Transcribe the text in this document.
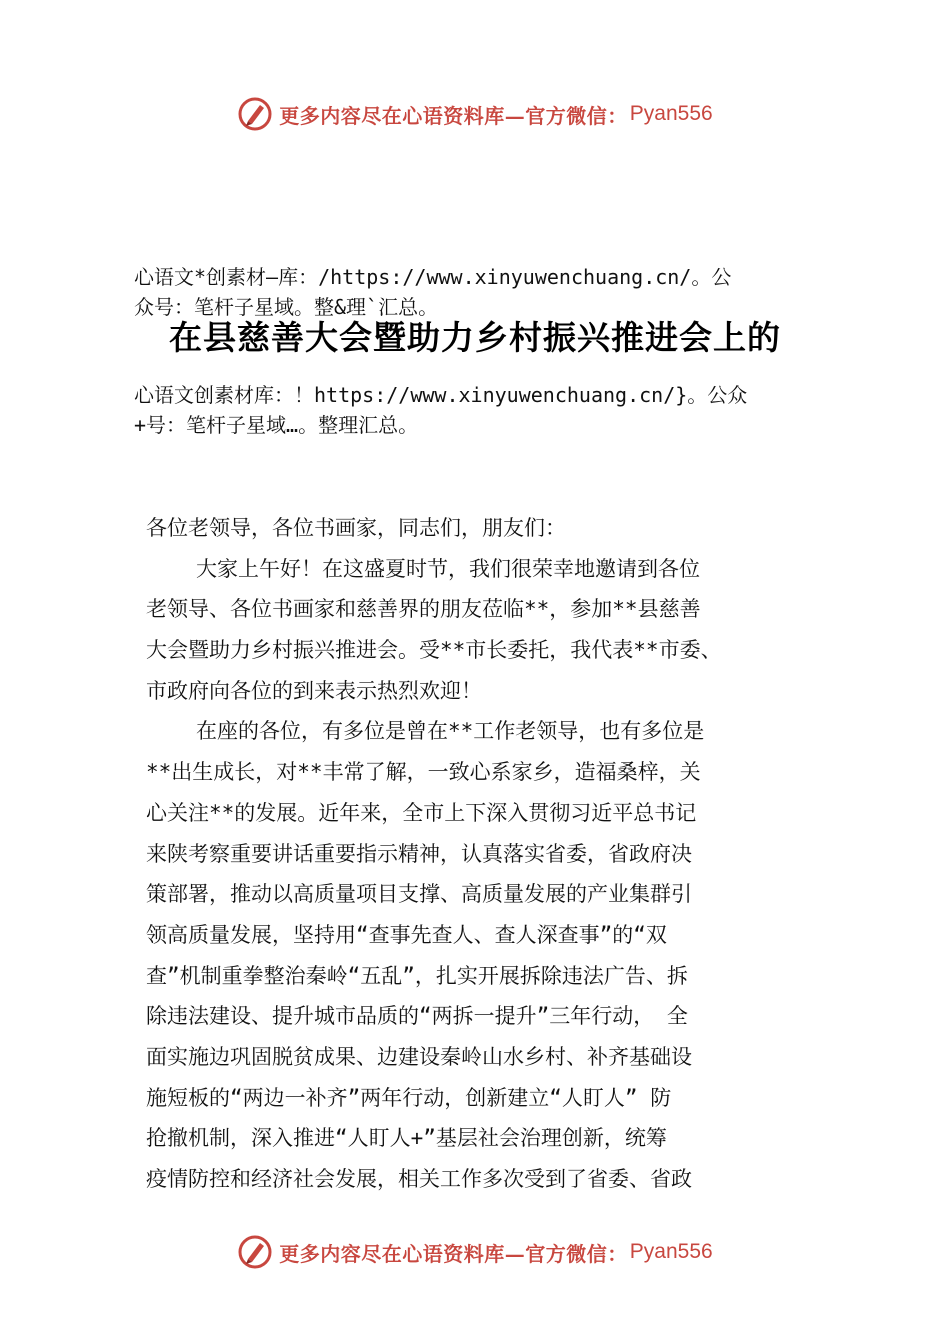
更多内容尽在心语资料库—官方微信： Pyan556
心语文*创素材—库：/https://www.xinyuwenchuang.cn/。公
众号：笔杆子星域。整&理`汇总。
在县慈善大会暨助力乡村振兴推进会上的
心语文创素材库：！https://www.xinyuwenchuang.cn/}。公众
+号：笔杆子星域…。整理汇总。
各位老领导，各位书画家，同志们，朋友们：
大家上午好！在这盛夏时节，我们很荣幸地邀请到各位
老领导、各位书画家和慈善界的朋友莅临**，参加**县慈善
大会暨助力乡村振兴推进会。受**市长委托，我代表**市委、
市政府向各位的到来表示热烈欢迎！
在座的各位，有多位是曾在**工作老领导，也有多位是
**出生成长，对**丰常了解，一致心系家乡，造福桑梓，关
心关注**的发展。近年来，全市上下深入贯彻习近平总书记
来陕考察重要讲话重要指示精神，认真落实省委，省政府决
策部署，推动以高质量项目支撑、高质量发展的产业集群引
领高质量发展，坚持用“查事先查人、查人深查事”的“双
查”机制重拳整治秦岭“五乱”，扎实开展拆除违法广告、拆
除违法建设、提升城市品质的“两拆一提升”三年行动， 全
面实施边巩固脱贫成果、边建设秦岭山水乡村、补齐基础设
施短板的“两边一补齐”两年行动，创新建立“人盯人” 防
抢撤机制，深入推进“人盯人+”基层社会治理创新，统筹
疫情防控和经济社会发展，相关工作多次受到了省委、省政
更多内容尽在心语资料库—官方微信： Pyan556
